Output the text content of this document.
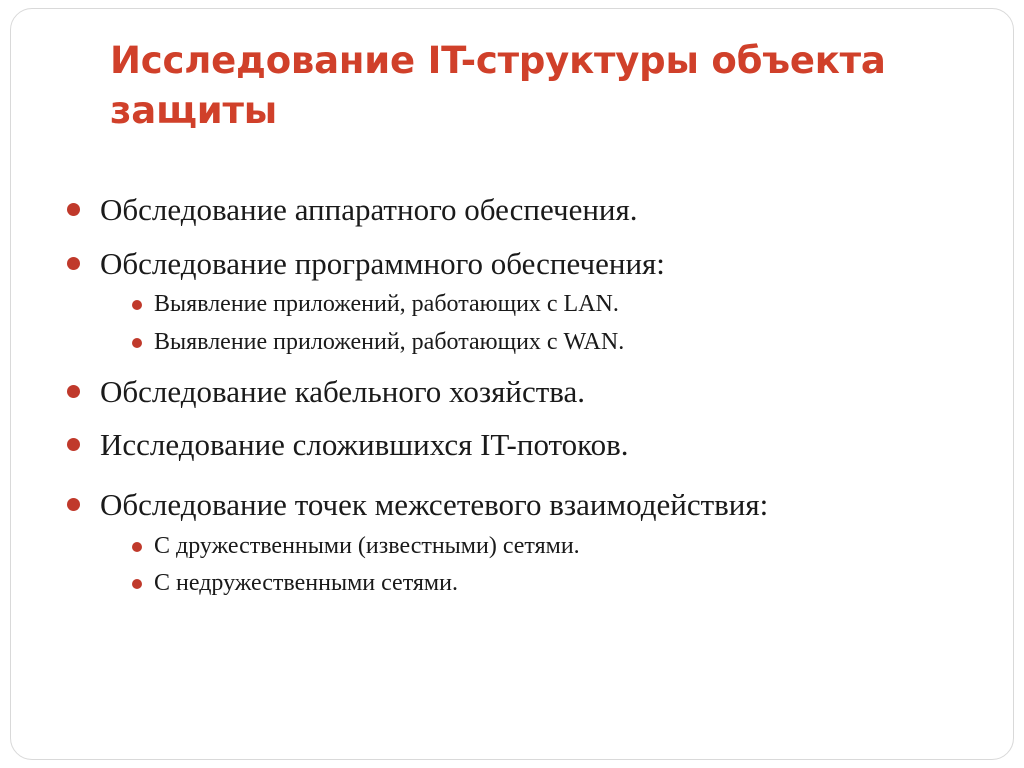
Исследование IT-структуры объекта защиты
Обследование аппаратного обеспечения.
Обследование программного обеспечения:
Выявление приложений, работающих с LAN.
Выявление приложений, работающих с WAN.
Обследование кабельного хозяйства.
Исследование сложившихся IT-потоков.
Обследование точек межсетевого взаимодействия:
С дружественными (известными) сетями.
С недружественными сетями.
